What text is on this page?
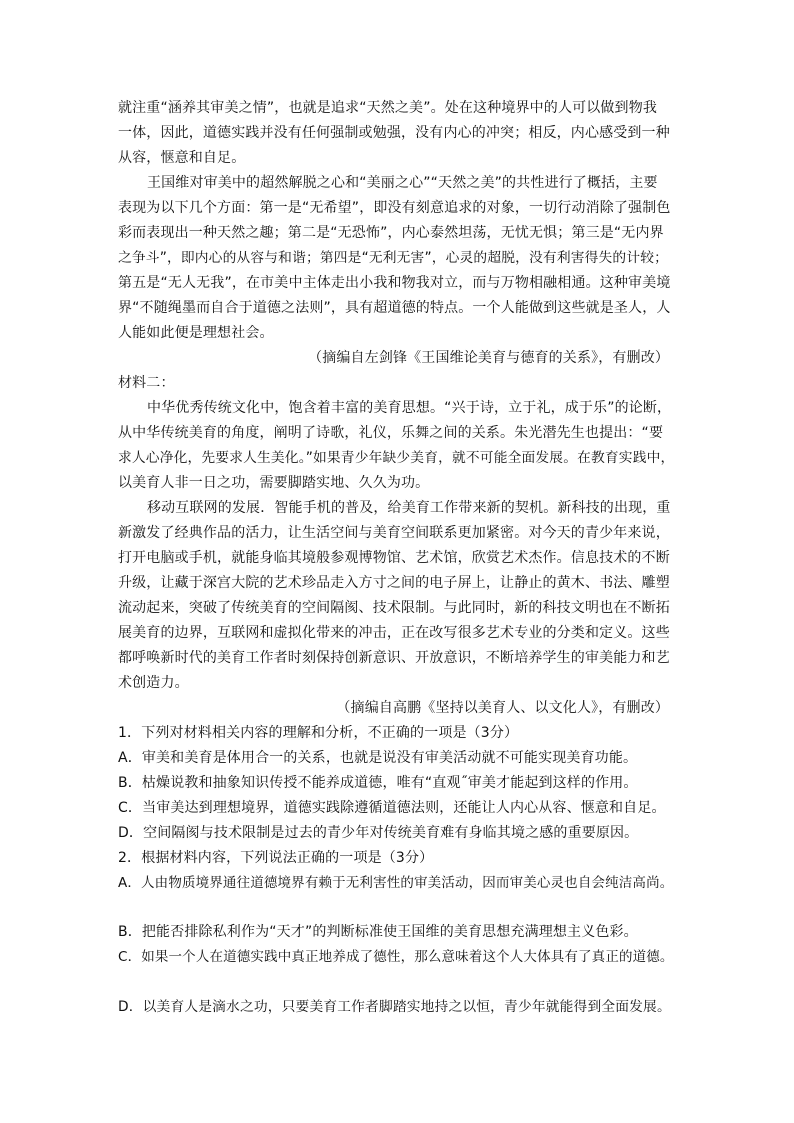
就注重“涵养其审美之情”，也就是追求“天然之美”。处在这种境界中的人可以做到物我
一体，因此，道德实践并没有任何强制或勉强，没有内心的冲突；相反，内心感受到一种
从容，惬意和自足。
王国维对审美中的超然解脱之心和“美丽之心”“天然之美”的共性进行了概括，主要
表现为以下几个方面：第一是“无希望”，即没有刻意追求的对象，一切行动消除了强制色
彩而表现出一种天然之趣；第二是“无恐怖”，内心泰然坦荡，无忧无惧；第三是“无内界
之争斗”，即内心的从容与和谐；第四是“无利无害”，心灵的超脱，没有利害得失的计较；
第五是“无人无我”，在市美中主体走出小我和物我对立，而与万物相融相通。这种审美境
界“不随绳墨而自合于道德之法则”，具有超道德的特点。一个人能做到这些就是圣人，人
人能如此便是理想社会。
（摘编自左剑锋《王国维论美育与德育的关系》，有删改）
材料二：
中华优秀传统文化中，饱含着丰富的美育思想。“兴于诗，立于礼，成于乐”的论断，
从中华传统美育的角度，阐明了诗歌，礼仪，乐舞之间的关系。朱光潜先生也提出：“要
求人心净化，先要求人生美化。”如果青少年缺少美育，就不可能全面发展。在教育实践中，
以美育人非一日之功，需要脚踏实地、久久为功。
移动互联网的发展．智能手机的普及，给美育工作带来新的契机。新科技的出现，重
新激发了经典作品的活力，让生活空间与美育空间联系更加紧密。对今天的青少年来说，
打开电脑或手机，就能身临其境般参观博物馆、艺术馆，欣赏艺术杰作。信息技术的不断
升级，让藏于深宫大院的艺术珍品走入方寸之间的电子屏上，让静止的黄木、书法、雕塑
流动起来，突破了传统美育的空间隔阂、技术限制。与此同时，新的科技文明也在不断拓
展美育的边界，互联网和虚拟化带来的冲击，正在改写很多艺术专业的分类和定义。这些
都呼唤新时代的美育工作者时刻保持创新意识、开放意识，不断培养学生的审美能力和艺
术创造力。
（摘编自高鹏《坚持以美育人、以文化人》，有删改）
1．下列对材料相关内容的理解和分析，不正确的一项是（3分）
A．审美和美育是体用合一的关系，也就是说没有审美活动就不可能实现美育功能。
B．枯燥说教和抽象知识传授不能养成道德，唯有“直观˝审美才能起到这样的作用。
C．当审美达到理想境界，道德实践除遵循道德法则，还能让人内心从容、惬意和自足。
D．空间隔阂与技术限制是过去的青少年对传统美育难有身临其境之感的重要原因。
2．根据材料内容，下列说法正确的一项是（3分）
A．人由物质境界通往道德境界有赖于无利害性的审美活动，因而审美心灵也自会纯洁高尚。
B．把能否排除私利作为“天才”的判断标准使王国维的美育思想充满理想主义色彩。
C．如果一个人在道德实践中真正地养成了德性，那么意味着这个人大体具有了真正的道德。
D．以美育人是滴水之功，只要美育工作者脚踏实地持之以恒，青少年就能得到全面发展。
